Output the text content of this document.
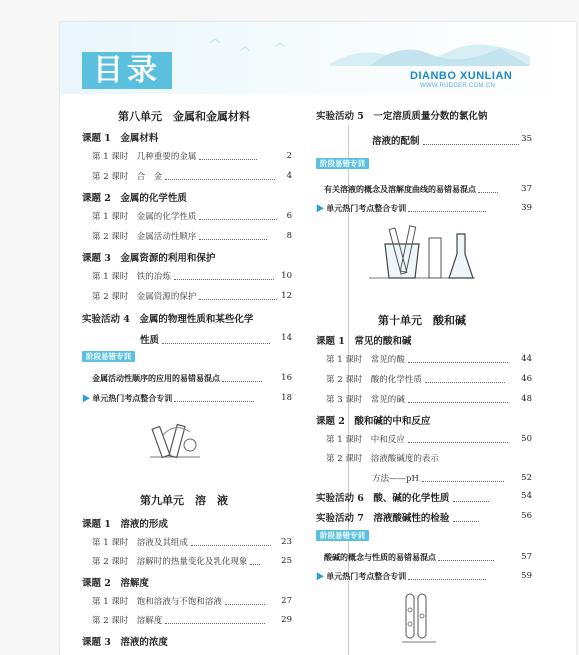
︿
︿	︿
目录	DIANBO XUNLIAN
WWW.RUDDER.COM.CN
第八单元　金属和金属材料
课题 1　金属材料
第 1 课时　几种重要的金属	2
第 2 课时　合　金	4
课题 2　金属的化学性质
第 1 课时　金属的化学性质	6
第 2 课时　金属活动性顺序	8
课题 3　金属资源的利用和保护
第 1 课时　铁的冶炼	10
第 2 课时　金属资源的保护	12
实验活动 4　金属的物理性质和某些化学
性质	14
阶段易错专训
金属活动性顺序的应用的易错易混点	16
▶ 单元热门考点整合专训	18
第九单元　溶　液
课题 1　溶液的形成
第 1 课时　溶液及其组成	23
第 2 课时　溶解时的热量变化及乳化现象	25
课题 2　溶解度
第 1 课时　饱和溶液与不饱和溶液	27
第 2 课时　溶解度	29
课题 3　溶液的浓度
实验活动 5　一定溶质质量分数的氯化钠
溶液的配制	35
阶段易错专训
有关溶液的概念及溶解度曲线的易错易混点	37
▶ 单元热门考点整合专训	39
第十单元　酸和碱
课题 1　常见的酸和碱
第 1 课时　常见的酸	44
第 2 课时　酸的化学性质	46
第 3 课时　常见的碱	48
课题 2　酸和碱的中和反应
第 1 课时　中和反应	50
第 2 课时　溶液酸碱度的表示
方法——pH	52
实验活动 6　酸、碱的化学性质	54
实验活动 7　溶液酸碱性的检验	56
阶段易错专训
酸碱的概念与性质的易错易混点	57
▶ 单元热门考点整合专训	59
